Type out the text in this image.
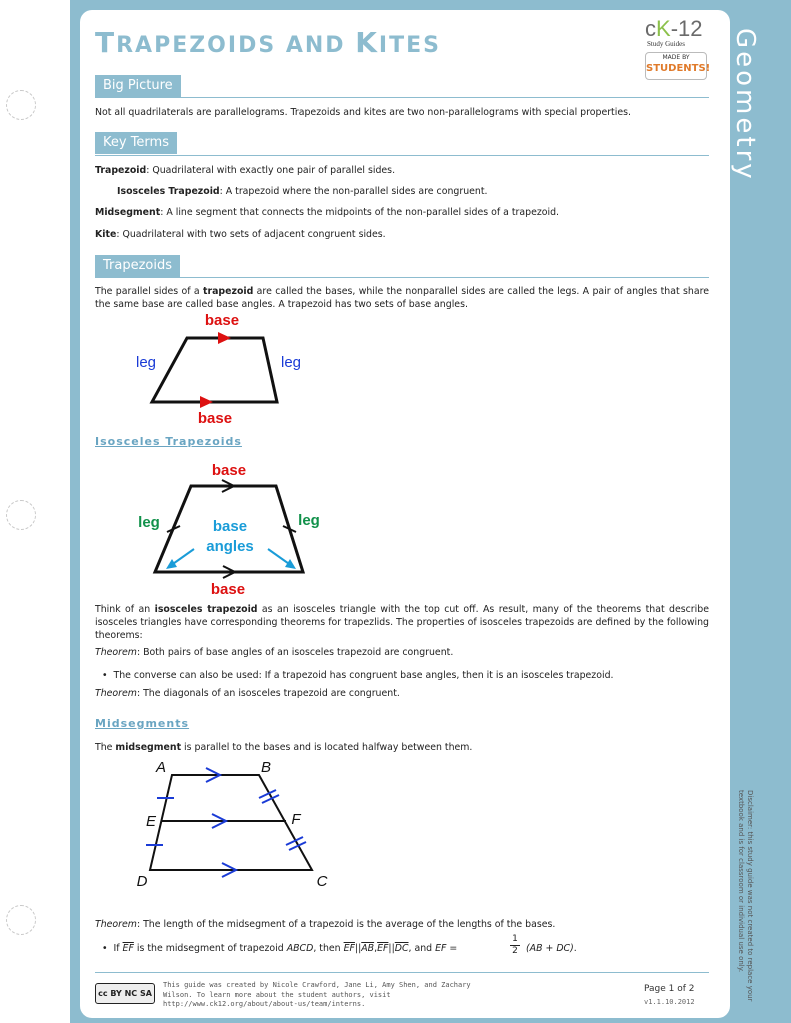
Geometry
TRAPEZOIDS AND KITES
cK-12
Study Guides
MADE BY
STUDENTS!
Big Picture
Not all quadrilaterals are parallelograms. Trapezoids and kites are two non-parallelograms with special properties.
Key Terms
Trapezoid: Quadrilateral with exactly one pair of parallel sides.
Isosceles Trapezoid: A trapezoid where the non-parallel sides are congruent.
Midsegment: A line segment that connects the midpoints of the non-parallel sides of a trapezoid.
Kite: Quadrilateral with two sets of adjacent congruent sides.
Trapezoids
The parallel sides of a trapezoid are called the bases, while the nonparallel sides are called the legs. A pair of angles that share the same base are called base angles. A trapezoid has two sets of base angles.
base
base
leg	leg
Isosceles Trapezoids
base
base
leg	leg
base
angles
Think of an isosceles trapezoid as an isosceles triangle with the top cut off. As result, many of the theorems that describe isosceles triangles have corresponding theorems for trapezlids. The properties of isosceles trapezoids are defined by the following theorems:
Theorem: Both pairs of base angles of an isosceles trapezoid are congruent.
•  The converse can also be used: If a trapezoid has congruent base angles, then it is an isosceles trapezoid.
Theorem: The diagonals of an isosceles trapezoid are congruent.
Midsegments
The midsegment is parallel to the bases and is located halfway between them.
A	B
C
D
E	F
Theorem: The length of the midsegment of a trapezoid is the average of the lengths of the bases.
•  If $\overline{EF}$ is the midsegment of trapezoid ABCD, then $\overline{EF}||\overline{AB},\overline{EF}||\overline{DC}$, and EF =
1
2 (AB + DC).
cc BY NC SA
This guide was created by Nicole Crawford, Jane Li, Amy Shen, and Zachary Wilson. To learn more about the student authors, visit http://www.ck12.org/about/about-us/team/interns.
Page 1 of 2
v1.1.10.2012
Disclaimer: this study guide was not created to replace your textbook and is for classroom or individual use only.
